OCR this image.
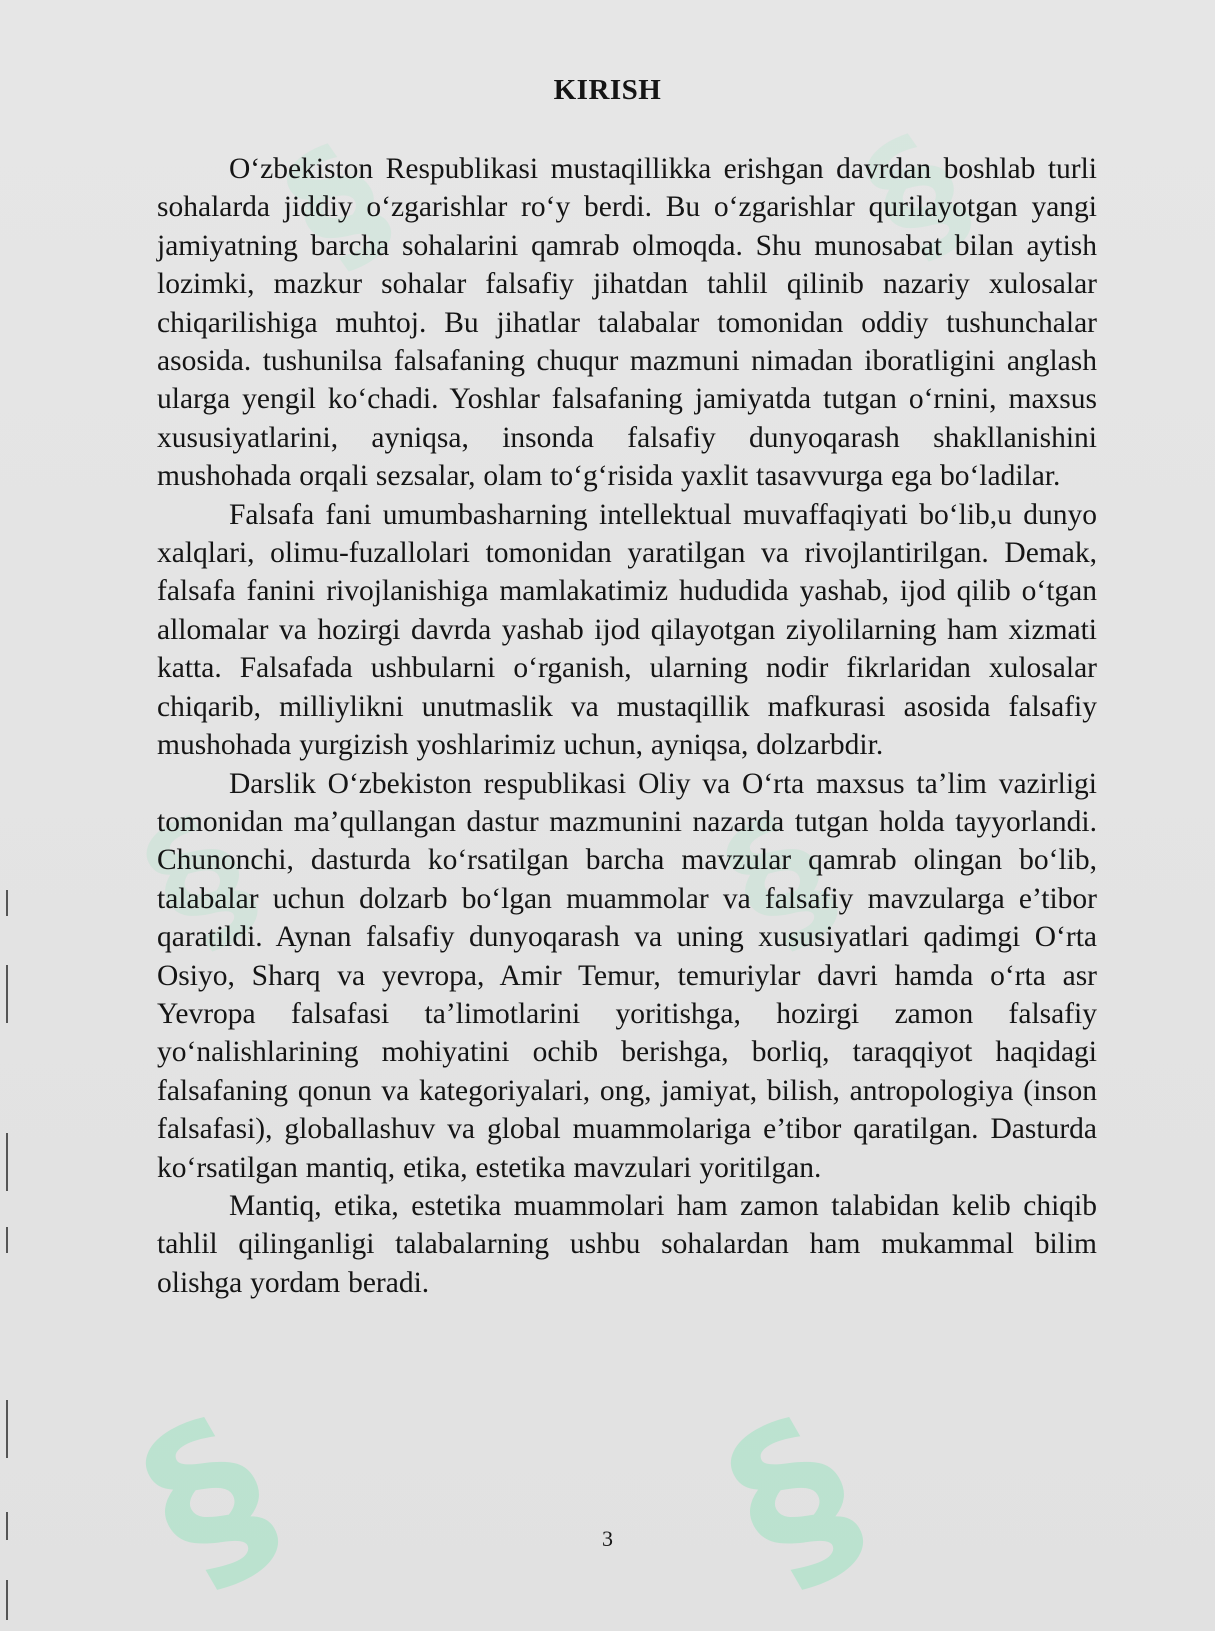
§	§
§	§
§ §
KIRISH

O‘zbekiston Respublikasi mustaqillikka erishgan davrdan boshlab turli sohalarda jiddiy o‘zgarishlar ro‘y berdi. Bu o‘zgarishlar qurilayotgan yangi jamiyatning barcha sohalarini qamrab olmoqda. Shu munosabat bilan aytish lozimki, mazkur sohalar falsafiy jihatdan tahlil qilinib nazariy xulosalar chiqarilishiga muhtoj. Bu jihatlar talabalar tomonidan oddiy tushunchalar asosida. tushunilsa falsafaning chuqur mazmuni nimadan iboratligini anglash ularga yengil ko‘chadi. Yoshlar falsafaning jamiyatda tutgan o‘rnini, maxsus xususiyatlarini, ayniqsa, insonda falsafiy dunyoqarash shakllanishini mushohada orqali sezsalar, olam to‘g‘risida yaxlit tasavvurga ega bo‘ladilar.

Falsafa fani umumbasharning intellektual muvaffaqiyati bo‘lib,u dunyo xalqlari, olimu-fuzallolari tomonidan yaratilgan va rivojlantirilgan. Demak, falsafa fanini rivojlanishiga mamlakatimiz hududida yashab, ijod qilib o‘tgan allomalar va hozirgi davrda yashab ijod qilayotgan ziyolilarning ham xizmati katta. Falsafada ushbularni o‘rganish, ularning nodir fikrlaridan xulosalar chiqarib, milliylikni unutmaslik va mustaqillik mafkurasi asosida falsafiy mushohada yurgizish yoshlarimiz uchun, ayniqsa, dolzarbdir.

Darslik O‘zbekiston respublikasi Oliy va O‘rta maxsus ta’lim vazirligi tomonidan ma’qullangan dastur mazmunini nazarda tutgan holda tayyorlandi. Chunonchi, dasturda ko‘rsatilgan barcha mavzular qamrab olingan bo‘lib, talabalar uchun dolzarb bo‘lgan muammolar va falsafiy mavzularga e’tibor qaratildi. Aynan falsafiy dunyoqarash va uning xususiyatlari qadimgi O‘rta Osiyo, Sharq va yevropa, Amir Temur, temuriylar davri hamda o‘rta asr Yevropa falsafasi ta’limotlarini yoritishga, hozirgi zamon falsafiy yo‘nalishlarining mohiyatini ochib berishga, borliq, taraqqiyot haqidagi falsafaning qonun va kategoriyalari, ong, jamiyat, bilish, antropologiya (inson falsafasi), globallashuv va global muammolariga e’tibor qaratilgan. Dasturda ko‘rsatilgan mantiq, etika, estetika mavzulari yoritilgan.

Mantiq, etika, estetika muammolari ham zamon talabidan kelib chiqib tahlil qilinganligi talabalarning ushbu sohalardan ham mukammal bilim olishga yordam beradi.

3
